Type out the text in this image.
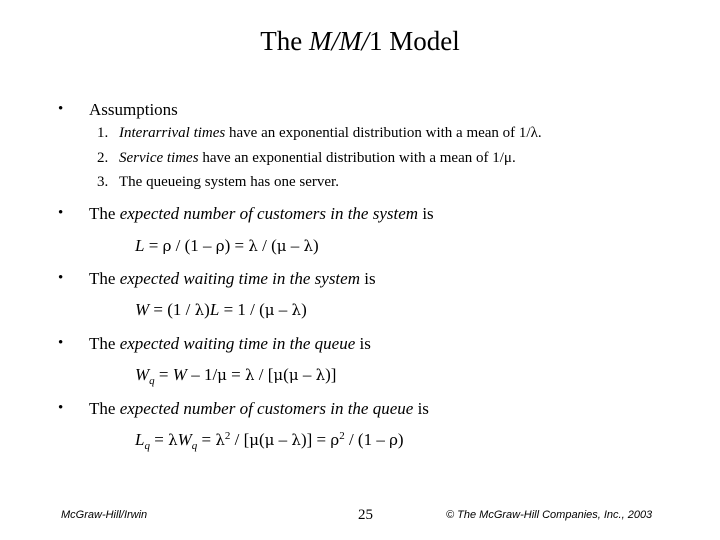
The M/M/1 Model
• Assumptions
1. Interarrival times have an exponential distribution with a mean of 1/λ.
2. Service times have an exponential distribution with a mean of 1/μ.
3. The queueing system has one server.
• The expected number of customers in the system is
L = ρ / (1 – ρ) = λ / (μ – λ)
• The expected waiting time in the system is
W = (1 / λ)L = 1 / (μ – λ)
• The expected waiting time in the queue is
$W_q = W - 1/\mu = \lambda / [\mu(\mu - \lambda)]$
• The expected number of customers in the queue is
$L_q = \lambda W_q = \lambda^2 / [\mu(\mu - \lambda)] = \rho^2 / (1 - \rho)$
McGraw-Hill/Irwin	25	© The McGraw-Hill Companies, Inc., 2003
